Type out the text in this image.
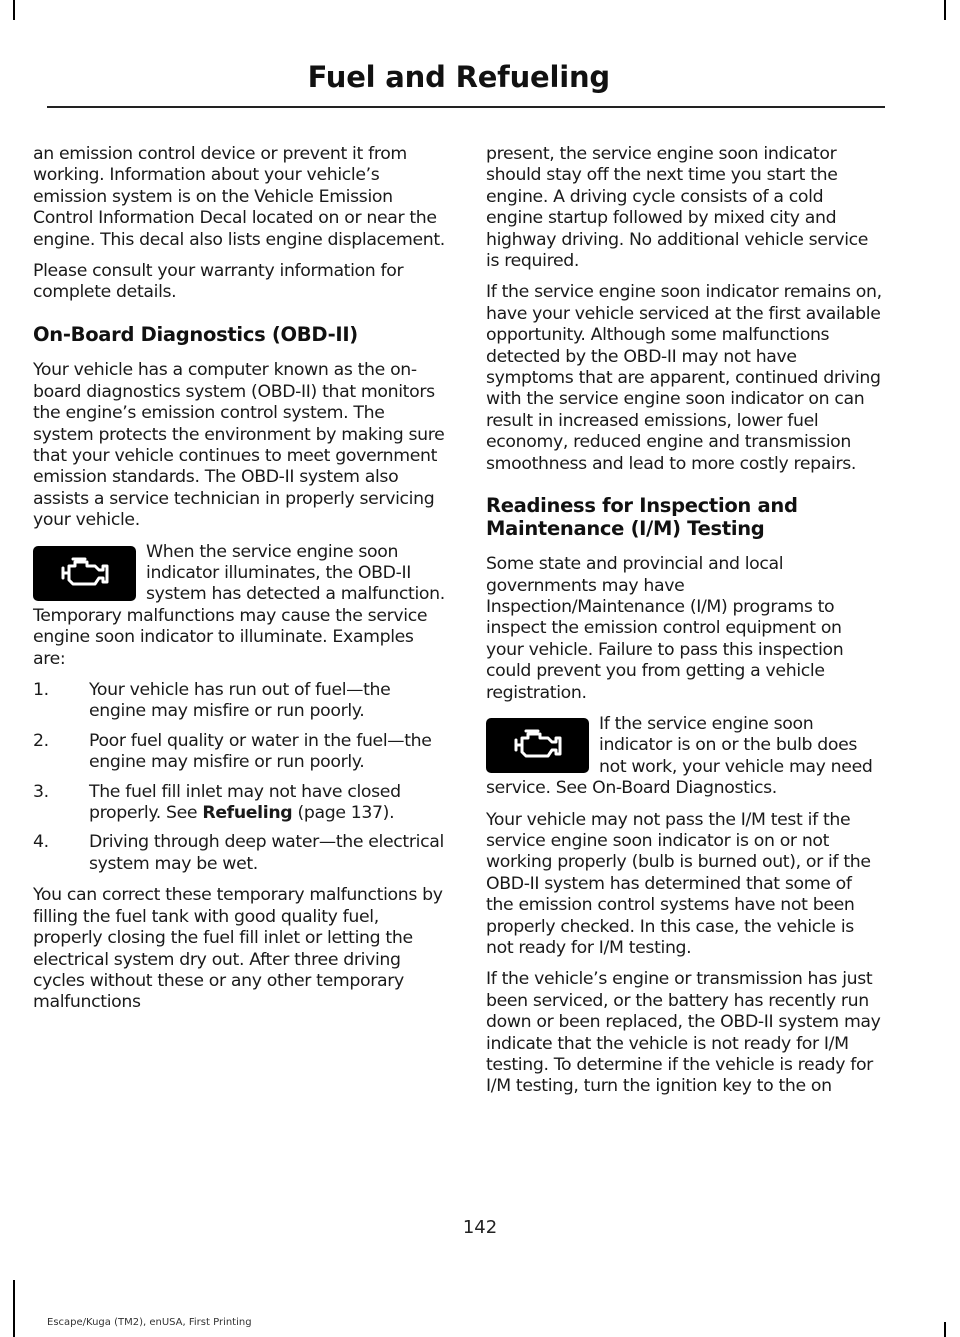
Fuel and Refueling

an emission control device or prevent it from working. Information about your vehicle’s emission system is on the Vehicle Emission Control Information Decal located on or near the engine. This decal also lists engine displacement.

Please consult your warranty information for complete details.

On-Board Diagnostics (OBD-II)

Your vehicle has a computer known as the on-board diagnostics system (OBD-II) that monitors the engine’s emission control system. The system protects the environment by making sure that your vehicle continues to meet government emission standards. The OBD-II system also assists a service technician in properly servicing your vehicle.

When the service engine soon indicator illuminates, the OBD-II system has detected a malfunction. Temporary malfunctions may cause the service engine soon indicator to illuminate. Examples are:

1. Your vehicle has run out of fuel—the engine may misfire or run poorly.
2. Poor fuel quality or water in the fuel—the engine may misfire or run poorly.
3. The fuel fill inlet may not have closed properly. See Refueling (page 137).
4. Driving through deep water—the electrical system may be wet.

You can correct these temporary malfunctions by filling the fuel tank with good quality fuel, properly closing the fuel fill inlet or letting the electrical system dry out. After three driving cycles without these or any other temporary malfunctions

present, the service engine soon indicator should stay off the next time you start the engine. A driving cycle consists of a cold engine startup followed by mixed city and highway driving. No additional vehicle service is required.

If the service engine soon indicator remains on, have your vehicle serviced at the first available opportunity. Although some malfunctions detected by the OBD-II may not have symptoms that are apparent, continued driving with the service engine soon indicator on can result in increased emissions, lower fuel economy, reduced engine and transmission smoothness and lead to more costly repairs.

Readiness for Inspection and Maintenance (I/M) Testing

Some state and provincial and local governments may have Inspection/Maintenance (I/M) programs to inspect the emission control equipment on your vehicle. Failure to pass this inspection could prevent you from getting a vehicle registration.

If the service engine soon indicator is on or the bulb does not work, your vehicle may need service. See On-Board Diagnostics.

Your vehicle may not pass the I/M test if the service engine soon indicator is on or not working properly (bulb is burned out), or if the OBD-II system has determined that some of the emission control systems have not been properly checked. In this case, the vehicle is not ready for I/M testing.

If the vehicle’s engine or transmission has just been serviced, or the battery has recently run down or been replaced, the OBD-II system may indicate that the vehicle is not ready for I/M testing. To determine if the vehicle is ready for I/M testing, turn the ignition key to the on

142
Escape/Kuga (TM2), enUSA, First Printing
